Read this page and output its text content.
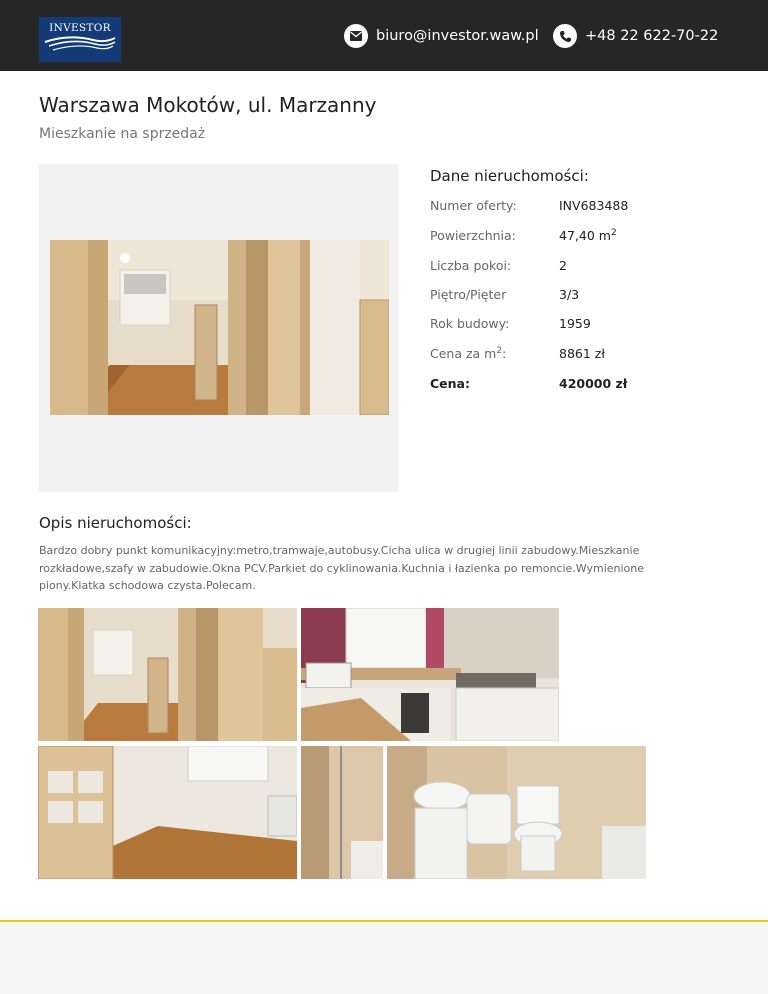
INVESTOR	biuro@investor.waw.pl	+48 22 622-70-22
Warszawa Mokotów, ul. Marzanny
Mieszkanie na sprzedaż
Dane nieruchomości:
Numer oferty:	INV683488
Powierzchnia:	47,40 $m^2$
Liczba pokoi:	2
Piętro/Pięter	3/3
Rok budowy:	1959
Cena za $m^2$:	8861 zł
Cena:	420000 zł
Opis nieruchomości:
Bardzo dobry punkt komunikacyjny:metro,tramwaje,autobusy.Cicha ulica w drugiej linii zabudowy.Mieszkanie rozkładowe,szafy w zabudowie.Okna PCV.Parkiet do cyklinowania.Kuchnia i łazienka po remoncie.Wymienione piony.Klatka schodowa czysta.Polecam.
